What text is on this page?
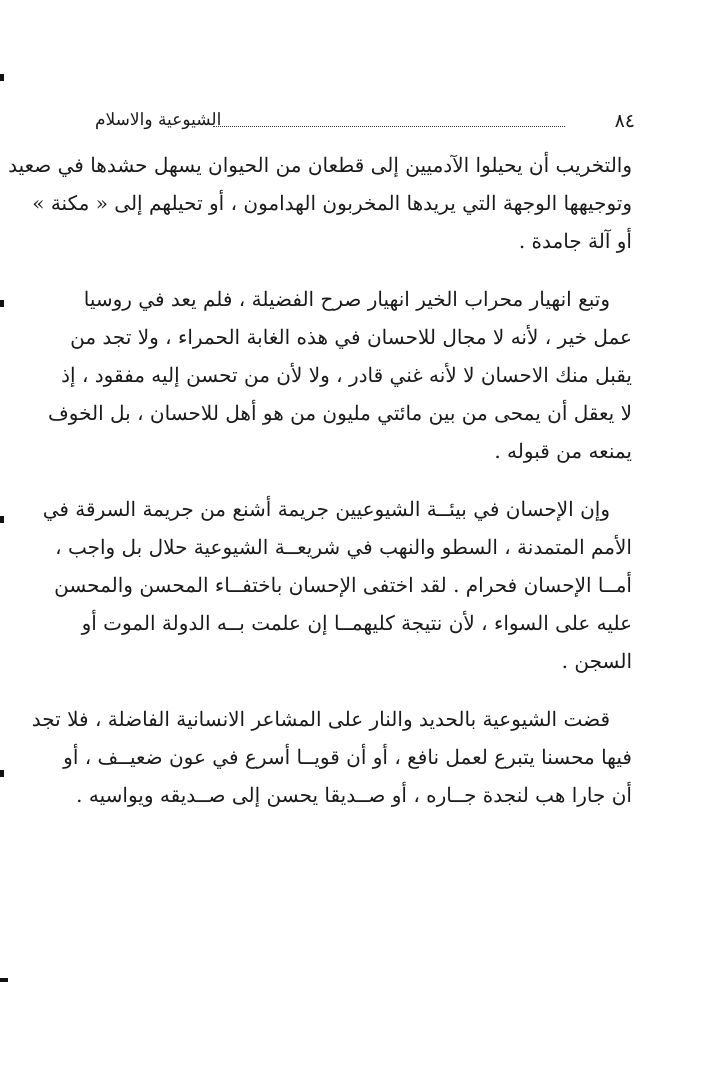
٨٤
الشيوعية والاسلام
والتخريب أن يحيلوا الآدميين إلى قطعان من الحيوان يسهل حشدها في صعيد
وتوجيهها الوجهة التي يريدها المخربون الهدامون ، أو تحيلهم إلى « مكنة »
أو آلة جامدة .
وتبع انهيار محراب الخير انهيار صرح الفضيلة ، فلم يعد في روسيا
عمل خير ، لأنه لا مجال للاحسان في هذه الغابة الحمراء ، ولا تجد من
يقبل منك الاحسان لا لأنه غني قادر ، ولا لأن من تحسن إليه مفقود ، إذ
لا يعقل أن يمحى من بين مائتي مليون من هو أهل للاحسان ، بل الخوف
يمنعه من قبوله .
وإن الإحسان في بيئــة الشيوعيين جريمة أشنع من جريمة السرقة في
الأمم المتمدنة ، السطو والنهب في شريعــة الشيوعية حلال بل واجب ،
أمــا الإحسان فحرام . لقد اختفى الإحسان باختفــاء المحسن والمحسن
عليه على السواء ، لأن نتيجة كليهمــا إن علمت بــه الدولة الموت أو
السجن .
قضت الشيوعية بالحديد والنار على المشاعر الانسانية الفاضلة ، فلا تجد
فيها محسنا يتبرع لعمل نافع ، أو أن قويــا أسرع في عون ضعيــف ، أو
أن جارا هب لنجدة جــاره ، أو صــديقا يحسن إلى صــديقه ويواسيه .
